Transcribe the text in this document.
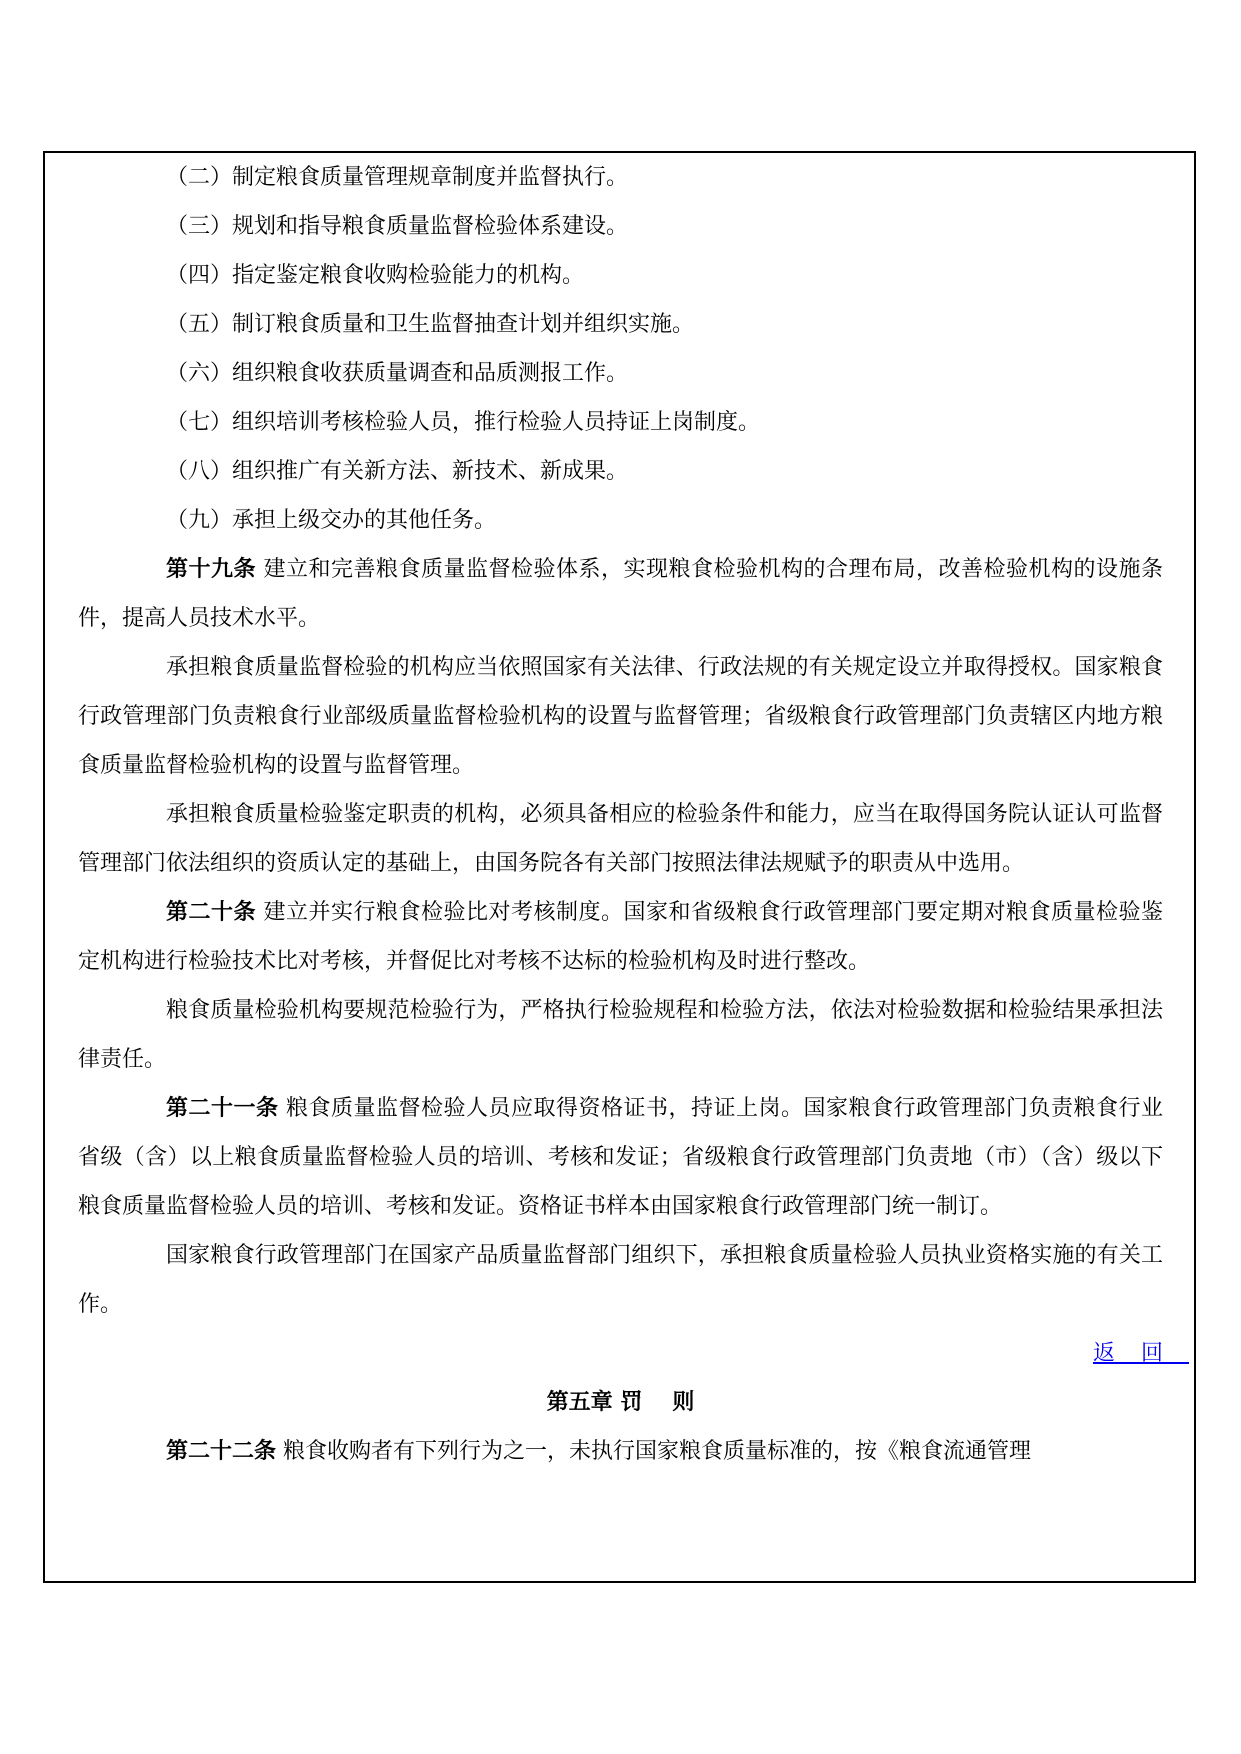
（二）制定粮食质量管理规章制度并监督执行。

（三）规划和指导粮食质量监督检验体系建设。

（四）指定鉴定粮食收购检验能力的机构。

（五）制订粮食质量和卫生监督抽查计划并组织实施。

（六）组织粮食收获质量调查和品质测报工作。

（七）组织培训考核检验人员，推行检验人员持证上岗制度。

（八）组织推广有关新方法、新技术、新成果。

（九）承担上级交办的其他任务。

第十九条 建立和完善粮食质量监督检验体系，实现粮食检验机构的合理布局，改善检验机构的设施条件，提高人员技术水平。

承担粮食质量监督检验的机构应当依照国家有关法律、行政法规的有关规定设立并取得授权。国家粮食行政管理部门负责粮食行业部级质量监督检验机构的设置与监督管理；省级粮食行政管理部门负责辖区内地方粮食质量监督检验机构的设置与监督管理。

承担粮食质量检验鉴定职责的机构，必须具备相应的检验条件和能力，应当在取得国务院认证认可监督管理部门依法组织的资质认定的基础上，由国务院各有关部门按照法律法规赋予的职责从中选用。

第二十条 建立并实行粮食检验比对考核制度。国家和省级粮食行政管理部门要定期对粮食质量检验鉴定机构进行检验技术比对考核，并督促比对考核不达标的检验机构及时进行整改。

粮食质量检验机构要规范检验行为，严格执行检验规程和检验方法，依法对检验数据和检验结果承担法律责任。

第二十一条 粮食质量监督检验人员应取得资格证书，持证上岗。国家粮食行政管理部门负责粮食行业省级（含）以上粮食质量监督检验人员的培训、考核和发证；省级粮食行政管理部门负责地（市）（含）级以下粮食质量监督检验人员的培训、考核和发证。资格证书样本由国家粮食行政管理部门统一制订。

国家粮食行政管理部门在国家产品质量监督部门组织下，承担粮食质量检验人员执业资格实施的有关工作。

返回

第五章 罚 则

第二十二条 粮食收购者有下列行为之一，未执行国家粮食质量标准的，按《粮食流通管理
